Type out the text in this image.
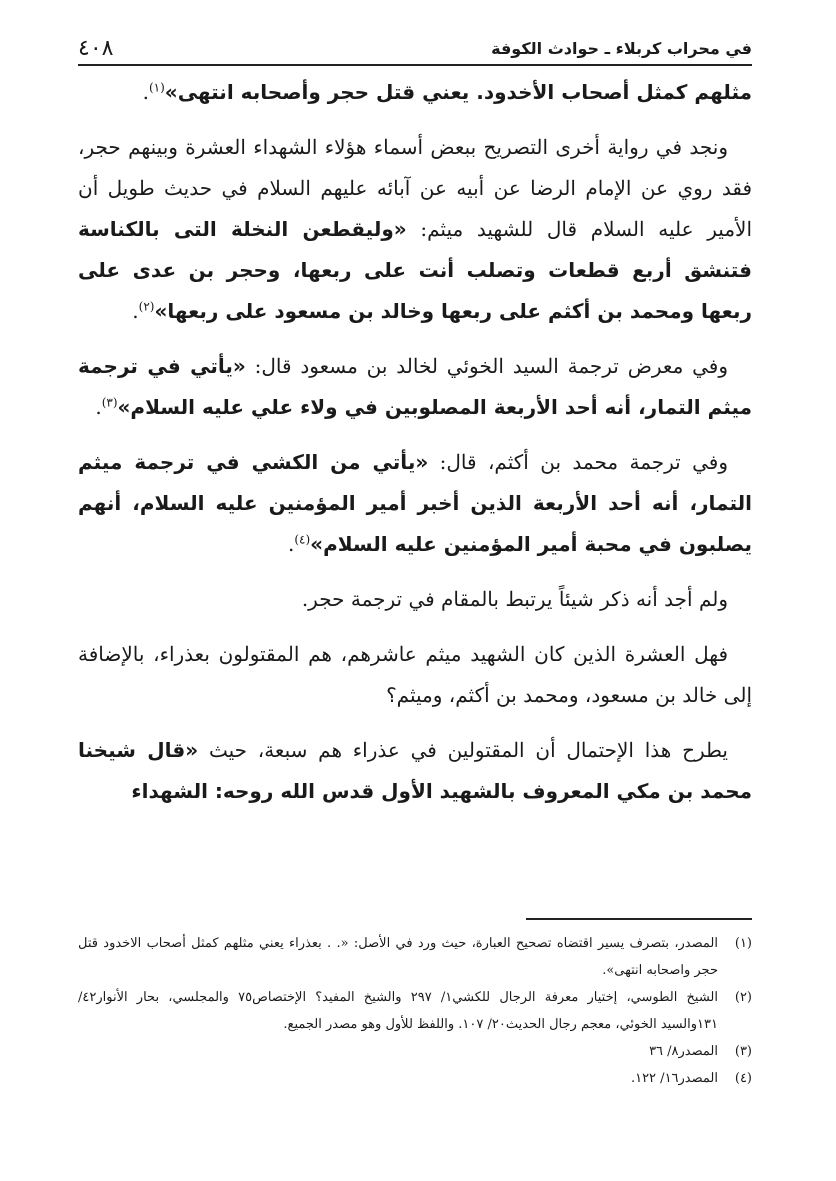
في محراب كربلاء ـ حوادث الكوفة
٤٠٨

مثلهم كمثل أصحاب الأخدود. يعني قتل حجر وأصحابه انتهى»$^{(١)}$.

ونجد في رواية أخرى التصريح ببعض أسماء هؤلاء الشهداء العشرة وبينهم حجر، فقد روي عن الإمام الرضا عن أبيه عن آبائه عليهم السلام في حديث طويل أن الأمير عليه السلام قال للشهيد ميثم: «وليقطعن النخلة التى بالكناسة فتنشق أربع قطعات وتصلب أنت على ربعها، وحجر بن عدى على ربعها ومحمد بن أكثم على ربعها وخالد بن مسعود على ربعها»$^{(٢)}$.

وفي معرض ترجمة السيد الخوئي لخالد بن مسعود قال: «يأتي في ترجمة ميثم التمار، أنه أحد الأربعة المصلوبين في ولاء علي عليه السلام»$^{(٣)}$.

وفي ترجمة محمد بن أكثم، قال: «يأتي من الكشي في ترجمة ميثم التمار، أنه أحد الأربعة الذين أخبر أمير المؤمنين عليه السلام، أنهم يصلبون في محبة أمير المؤمنين عليه السلام»$^{(٤)}$.

ولم أجد أنه ذكر شيئاً يرتبط بالمقام في ترجمة حجر.

فهل العشرة الذين كان الشهيد ميثم عاشرهم، هم المقتولون بعذراء، بالإضافة إلى خالد بن مسعود، ومحمد بن أكثم، وميثم؟

يطرح هذا الإحتمال أن المقتولين في عذراء هم سبعة، حيث «قال شيخنا محمد بن مكي المعروف بالشهيد الأول قدس الله روحه: الشهداء

(١)
المصدر، بتصرف يسير اقتضاه تصحيح العبارة، حيث ورد في الأصل: «. . بعذراء يعني مثلهم كمثل أصحاب الاخدود قتل حجر واصحابه انتهى».
(٢)
الشيخ الطوسي، إختيار معرفة الرجال للكشي١/ ٢٩٧ والشيخ المفيد؟ الإختصاص٧٥ والمجلسي، بحار الأنوار٤٢/ ١٣١والسيد الخوئي، معجم رجال الحديث٢٠/ ١٠٧. واللفظ للأول وهو مصدر الجميع.
(٣)
المصدر٨/ ٣٦
(٤)
المصدر١٦/ ١٢٢.
